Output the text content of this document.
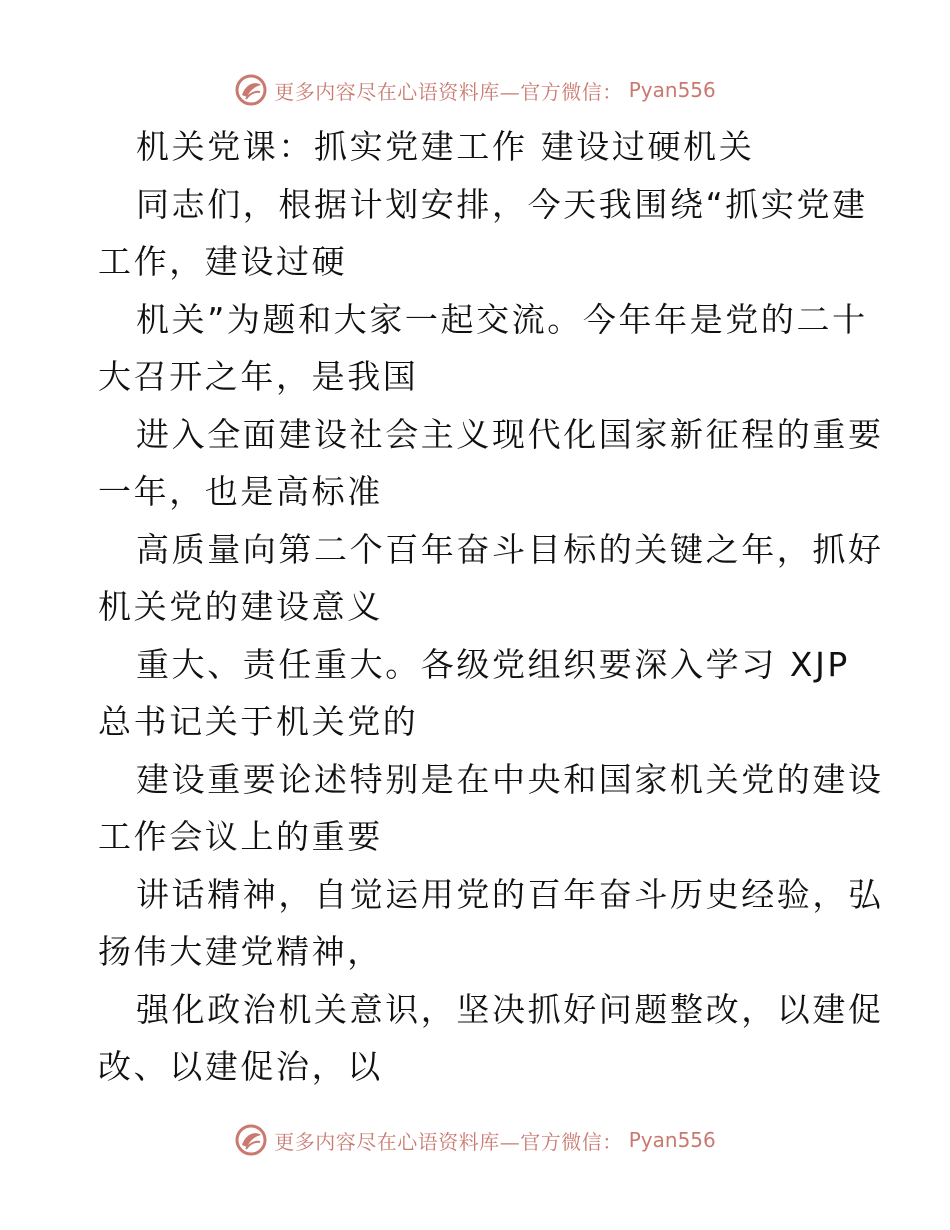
更多内容尽在心语资料库—官方微信： Pyan556
机关党课：抓实党建工作 建设过硬机关
同志们，根据计划安排，今天我围绕“抓实党建
工作，建设过硬
机关”为题和大家一起交流。今年年是党的二十
大召开之年，是我国
进入全面建设社会主义现代化国家新征程的重要
一年，也是高标准
高质量向第二个百年奋斗目标的关键之年，抓好
机关党的建设意义
重大、责任重大。各级党组织要深入学习 XJP
总书记关于机关党的
建设重要论述特别是在中央和国家机关党的建设
工作会议上的重要
讲话精神，自觉运用党的百年奋斗历史经验，弘
扬伟大建党精神，
强化政治机关意识，坚决抓好问题整改，以建促
改、以建促治，以
更多内容尽在心语资料库—官方微信： Pyan556
